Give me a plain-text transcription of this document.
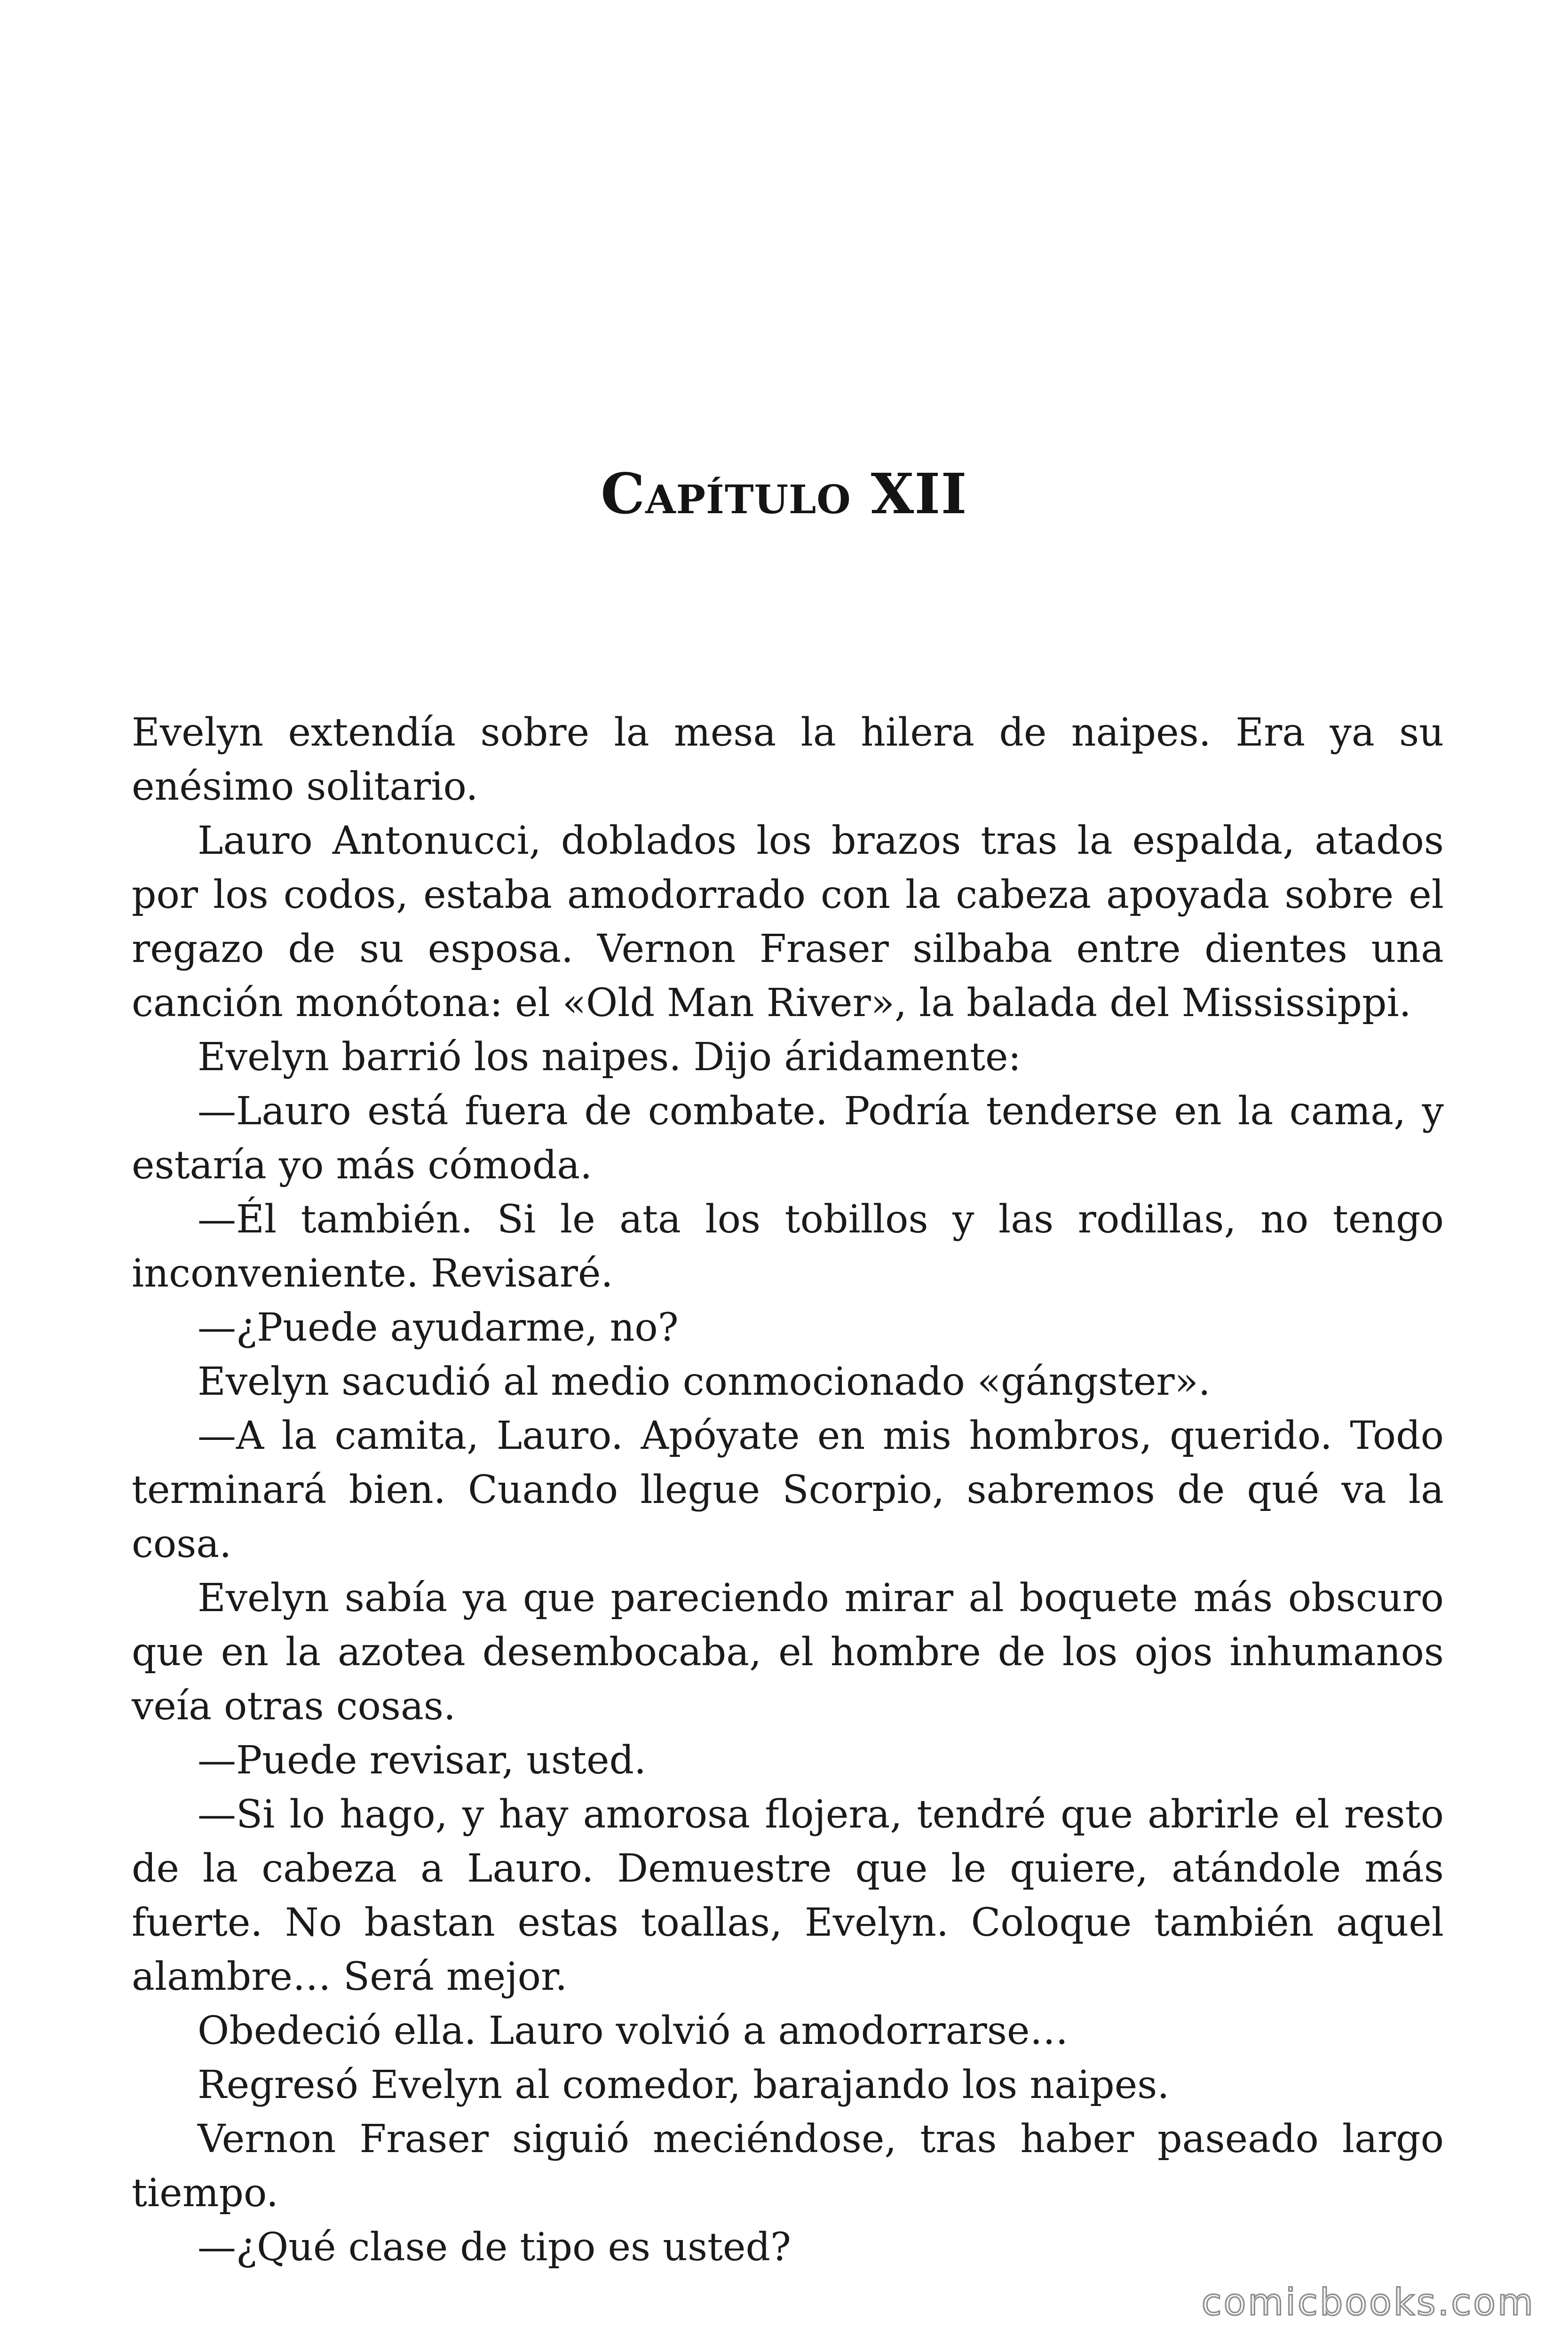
Capítulo XII

Evelyn extendía sobre la mesa la hilera de naipes. Era ya su enésimo solitario.

Lauro Antonucci, doblados los brazos tras la espalda, atados por los codos, estaba amodorrado con la cabeza apoyada sobre el regazo de su esposa. Vernon Fraser silbaba entre dientes una canción monótona: el «Old Man River», la balada del Mississippi.

Evelyn barrió los naipes. Dijo áridamente:

—Lauro está fuera de combate. Podría tenderse en la cama, y estaría yo más cómoda.

—Él también. Si le ata los tobillos y las rodillas, no tengo inconveniente. Revisaré.

—¿Puede ayudarme, no?

Evelyn sacudió al medio conmocionado «gángster».

—A la camita, Lauro. Apóyate en mis hombros, querido. Todo terminará bien. Cuando llegue Scorpio, sabremos de qué va la cosa.

Evelyn sabía ya que pareciendo mirar al boquete más obscuro que en la azotea desembocaba, el hombre de los ojos inhumanos veía otras cosas.

—Puede revisar, usted.

—Si lo hago, y hay amorosa flojera, tendré que abrirle el resto de la cabeza a Lauro. Demuestre que le quiere, atándole más fuerte. No bastan estas toallas, Evelyn. Coloque también aquel alambre… Será mejor.

Obedeció ella. Lauro volvió a amodorrarse…

Regresó Evelyn al comedor, barajando los naipes.

Vernon Fraser siguió meciéndose, tras haber paseado largo tiempo.

—¿Qué clase de tipo es usted?

comicbooks.com
